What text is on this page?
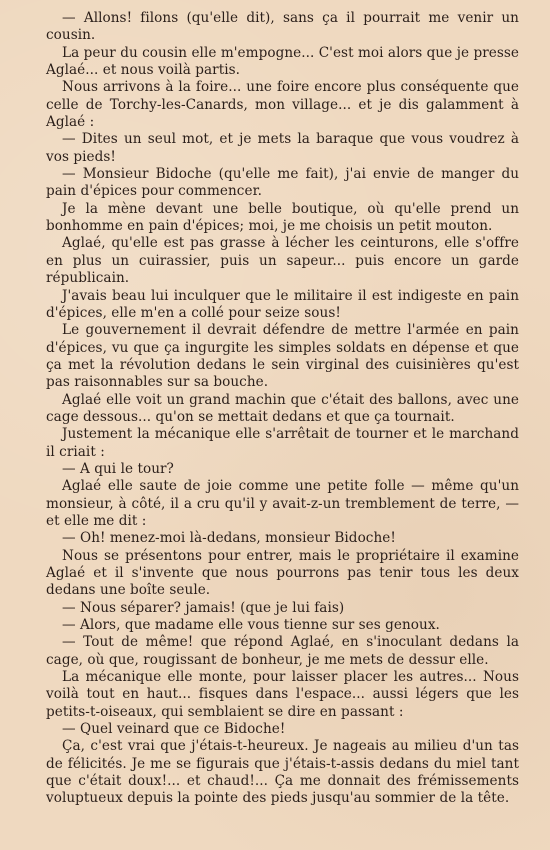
— Allons! filons (qu'elle dit), sans ça il pourrait me venir un cousin.

La peur du cousin elle m'empogne... C'est moi alors que je presse Aglaé... et nous voilà partis.

Nous arrivons à la foire... une foire encore plus conséquente que celle de Torchy-les-Canards, mon village... et je dis galamment à Aglaé :

— Dites un seul mot, et je mets la baraque que vous voudrez à vos pieds!

— Monsieur Bidoche (qu'elle me fait), j'ai envie de manger du pain d'épices pour commencer.

Je la mène devant une belle boutique, où qu'elle prend un bonhomme en pain d'épices; moi, je me choisis un petit mouton.

Aglaé, qu'elle est pas grasse à lécher les ceinturons, elle s'offre en plus un cuirassier, puis un sapeur... puis encore un garde républicain.

J'avais beau lui inculquer que le militaire il est indigeste en pain d'épices, elle m'en a collé pour seize sous!

Le gouvernement il devrait défendre de mettre l'armée en pain d'épices, vu que ça ingurgite les simples soldats en dépense et que ça met la révolution dedans le sein virginal des cuisinières qu'est pas raisonnables sur sa bouche.

Aglaé elle voit un grand machin que c'était des ballons, avec une cage dessous... qu'on se mettait dedans et que ça tournait.

Justement la mécanique elle s'arrêtait de tourner et le marchand il criait :

— A qui le tour?

Aglaé elle saute de joie comme une petite folle — même qu'un monsieur, à côté, il a cru qu'il y avait-z-un tremblement de terre, — et elle me dit :

— Oh! menez-moi là-dedans, monsieur Bidoche!

Nous se présentons pour entrer, mais le propriétaire il examine Aglaé et il s'invente que nous pourrons pas tenir tous les deux dedans une boîte seule.

— Nous séparer? jamais! (que je lui fais)

— Alors, que madame elle vous tienne sur ses genoux.

— Tout de même! que répond Aglaé, en s'inoculant dedans la cage, où que, rougissant de bonheur, je me mets de dessur elle.

La mécanique elle monte, pour laisser placer les autres... Nous voilà tout en haut... fisques dans l'espace... aussi légers que les petits-t-oiseaux, qui semblaient se dire en passant :

— Quel veinard que ce Bidoche!

Ça, c'est vrai que j'étais-t-heureux. Je nageais au milieu d'un tas de félicités. Je me se figurais que j'étais-t-assis dedans du miel tant que c'était doux!... et chaud!... Ça me donnait des frémissements voluptueux depuis la pointe des pieds jusqu'au sommier de la tête.
